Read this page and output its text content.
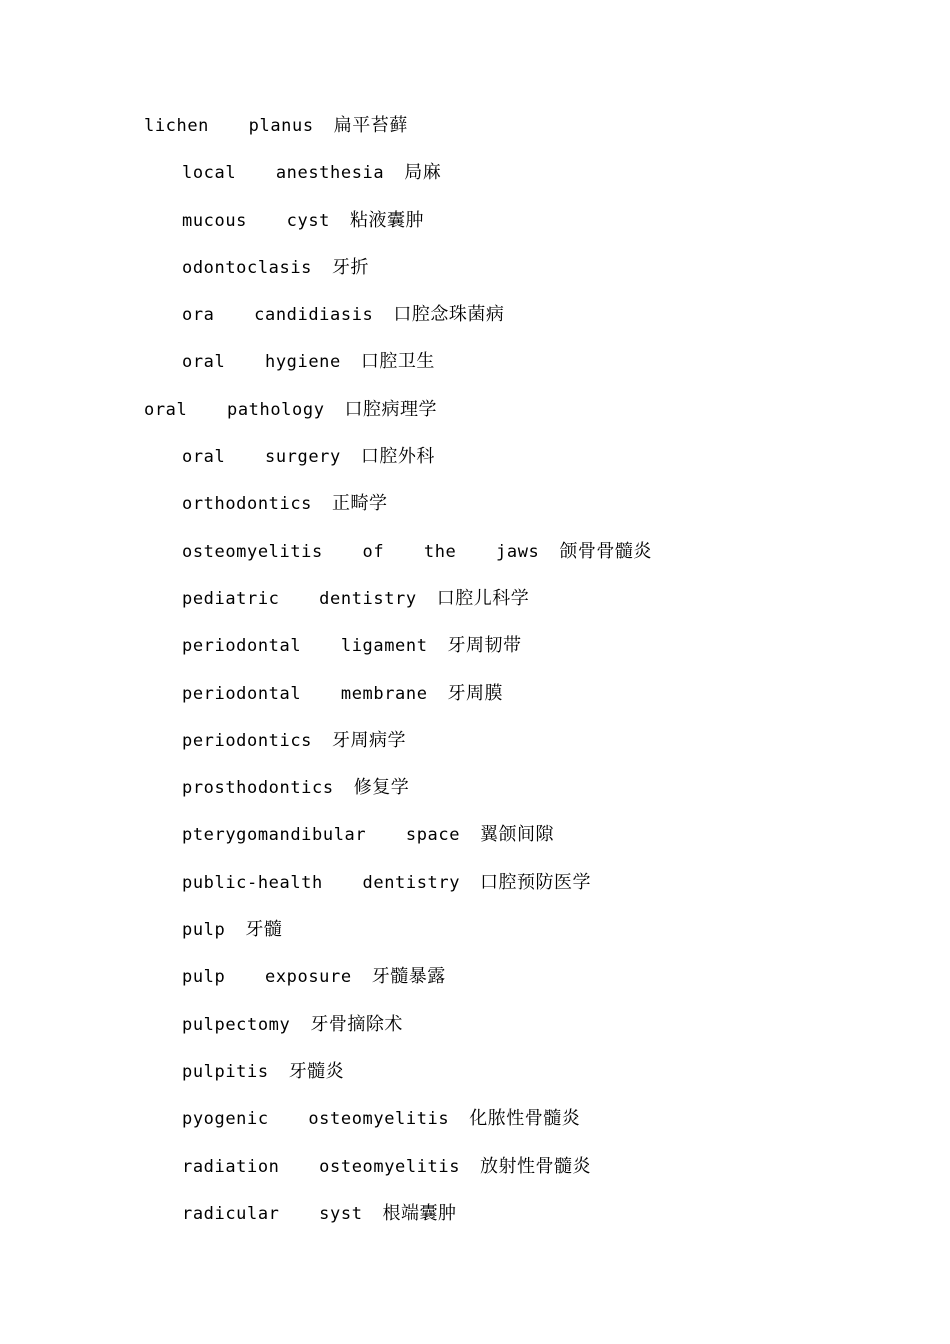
lichen  planus 扁平苔藓
local  anesthesia 局麻
mucous  cyst 粘液囊肿
odontoclasis 牙折
ora  candidiasis 口腔念珠菌病
oral  hygiene 口腔卫生
oral  pathology 口腔病理学
oral  surgery 口腔外科
orthodontics 正畸学
osteomyelitis  of  the  jaws 颌骨骨髓炎
pediatric  dentistry 口腔儿科学
periodontal  ligament 牙周韧带
periodontal  membrane 牙周膜
periodontics 牙周病学
prosthodontics 修复学
pterygomandibular  space 翼颌间隙
public-health  dentistry 口腔预防医学
pulp 牙髓
pulp  exposure 牙髓暴露
pulpectomy 牙骨摘除术
pulpitis 牙髓炎
pyogenic  osteomyelitis 化脓性骨髓炎
radiation  osteomyelitis 放射性骨髓炎
radicular  syst 根端囊肿
